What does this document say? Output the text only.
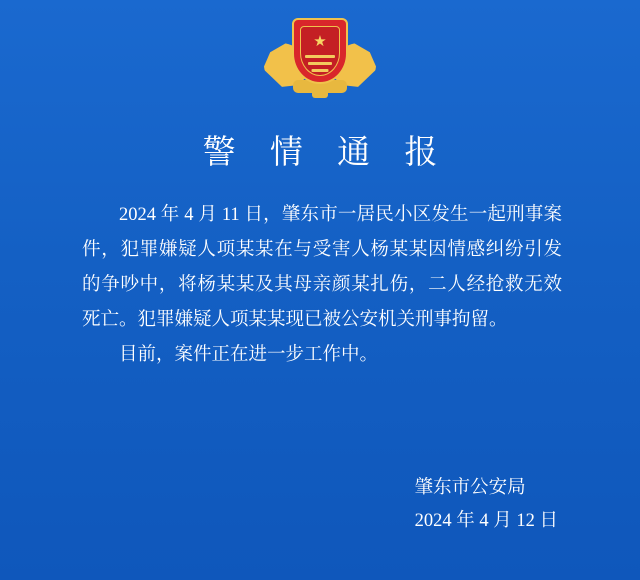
★
警 情 通 报

2024 年 4 月 11 日，肇东市一居民小区发生一起刑事案件，犯罪嫌疑人项某某在与受害人杨某某因情感纠纷引发的争吵中，将杨某某及其母亲颜某扎伤，二人经抢救无效死亡。犯罪嫌疑人项某某现已被公安机关刑事拘留。

目前，案件正在进一步工作中。

肇东市公安局
2024 年 4 月 12 日
